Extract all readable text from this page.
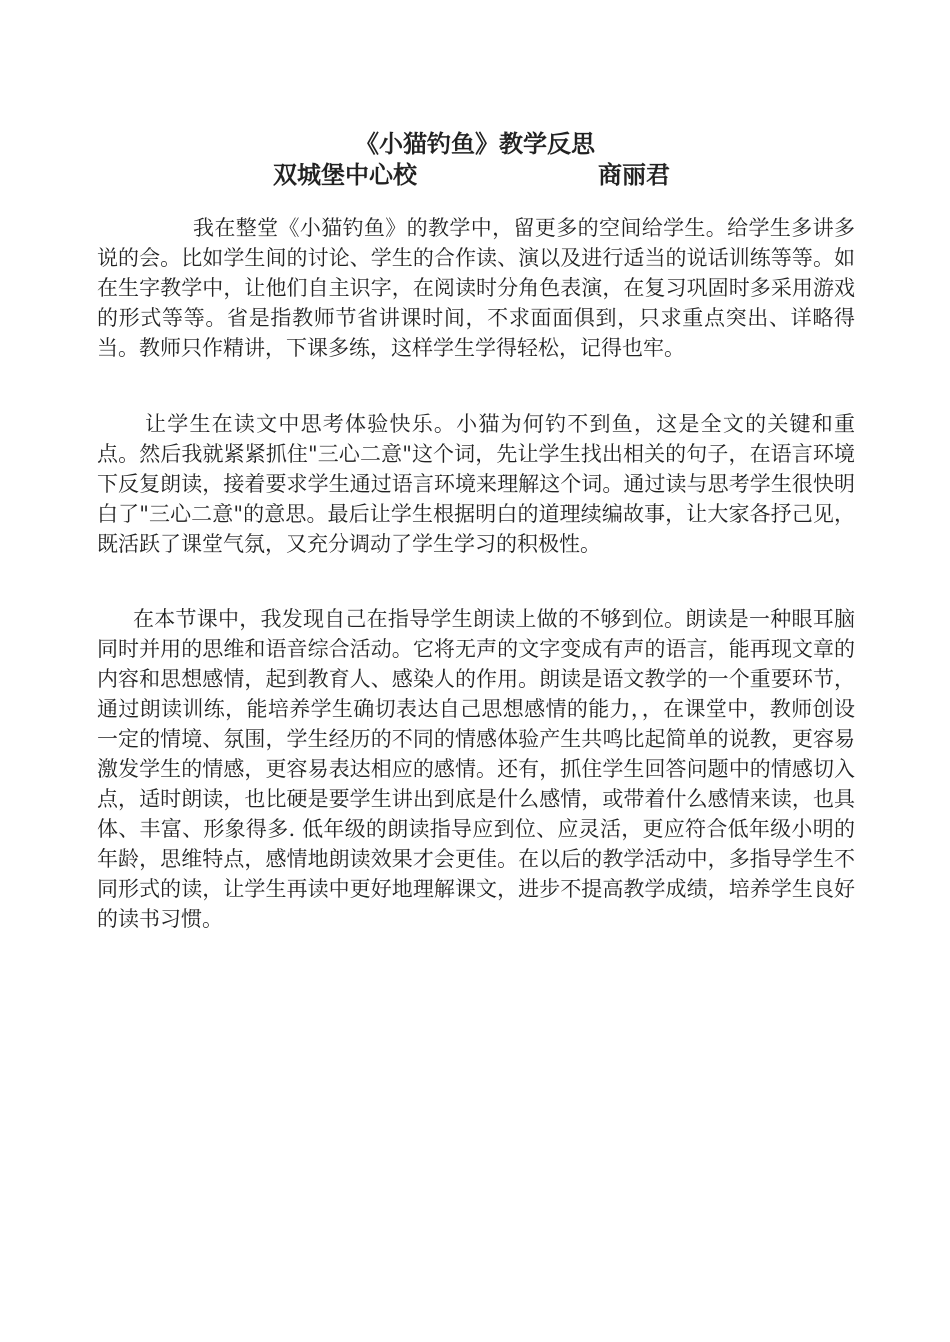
《小猫钓鱼》教学反思
双城堡中心校	商丽君

我在整堂《小猫钓鱼》的教学中，留更多的空间给学生。给学生多讲多说的会。比如学生间的讨论、学生的合作读、演以及进行适当的说话训练等等。如在生字教学中，让他们自主识字，在阅读时分角色表演，在复习巩固时多采用游戏的形式等等。省是指教师节省讲课时间，不求面面俱到，只求重点突出、详略得当。教师只作精讲，下课多练，这样学生学得轻松，记得也牢。

让学生在读文中思考体验快乐。小猫为何钓不到鱼，这是全文的关键和重点。然后我就紧紧抓住"三心二意"这个词，先让学生找出相关的句子，在语言环境下反复朗读，接着要求学生通过语言环境来理解这个词。通过读与思考学生很快明白了"三心二意"的意思。最后让学生根据明白的道理续编故事，让大家各抒己见，既活跃了课堂气氛，又充分调动了学生学习的积极性。

在本节课中，我发现自己在指导学生朗读上做的不够到位。朗读是一种眼耳脑同时并用的思维和语音综合活动。它将无声的文字变成有声的语言，能再现文章的内容和思想感情，起到教育人、感染人的作用。朗读是语文教学的一个重要环节，通过朗读训练，能培养学生确切表达自己思想感情的能力，，在课堂中，教师创设一定的情境、氛围，学生经历的不同的情感体验产生共鸣比起简单的说教，更容易激发学生的情感，更容易表达相应的感情。还有，抓住学生回答问题中的情感切入点，适时朗读，也比硬是要学生讲出到底是什么感情，或带着什么感情来读，也具体、丰富、形象得多. 低年级的朗读指导应到位、应灵活，更应符合低年级小明的年龄，思维特点，感情地朗读效果才会更佳。在以后的教学活动中，多指导学生不同形式的读，让学生再读中更好地理解课文，进步不提高教学成绩，培养学生良好的读书习惯。
